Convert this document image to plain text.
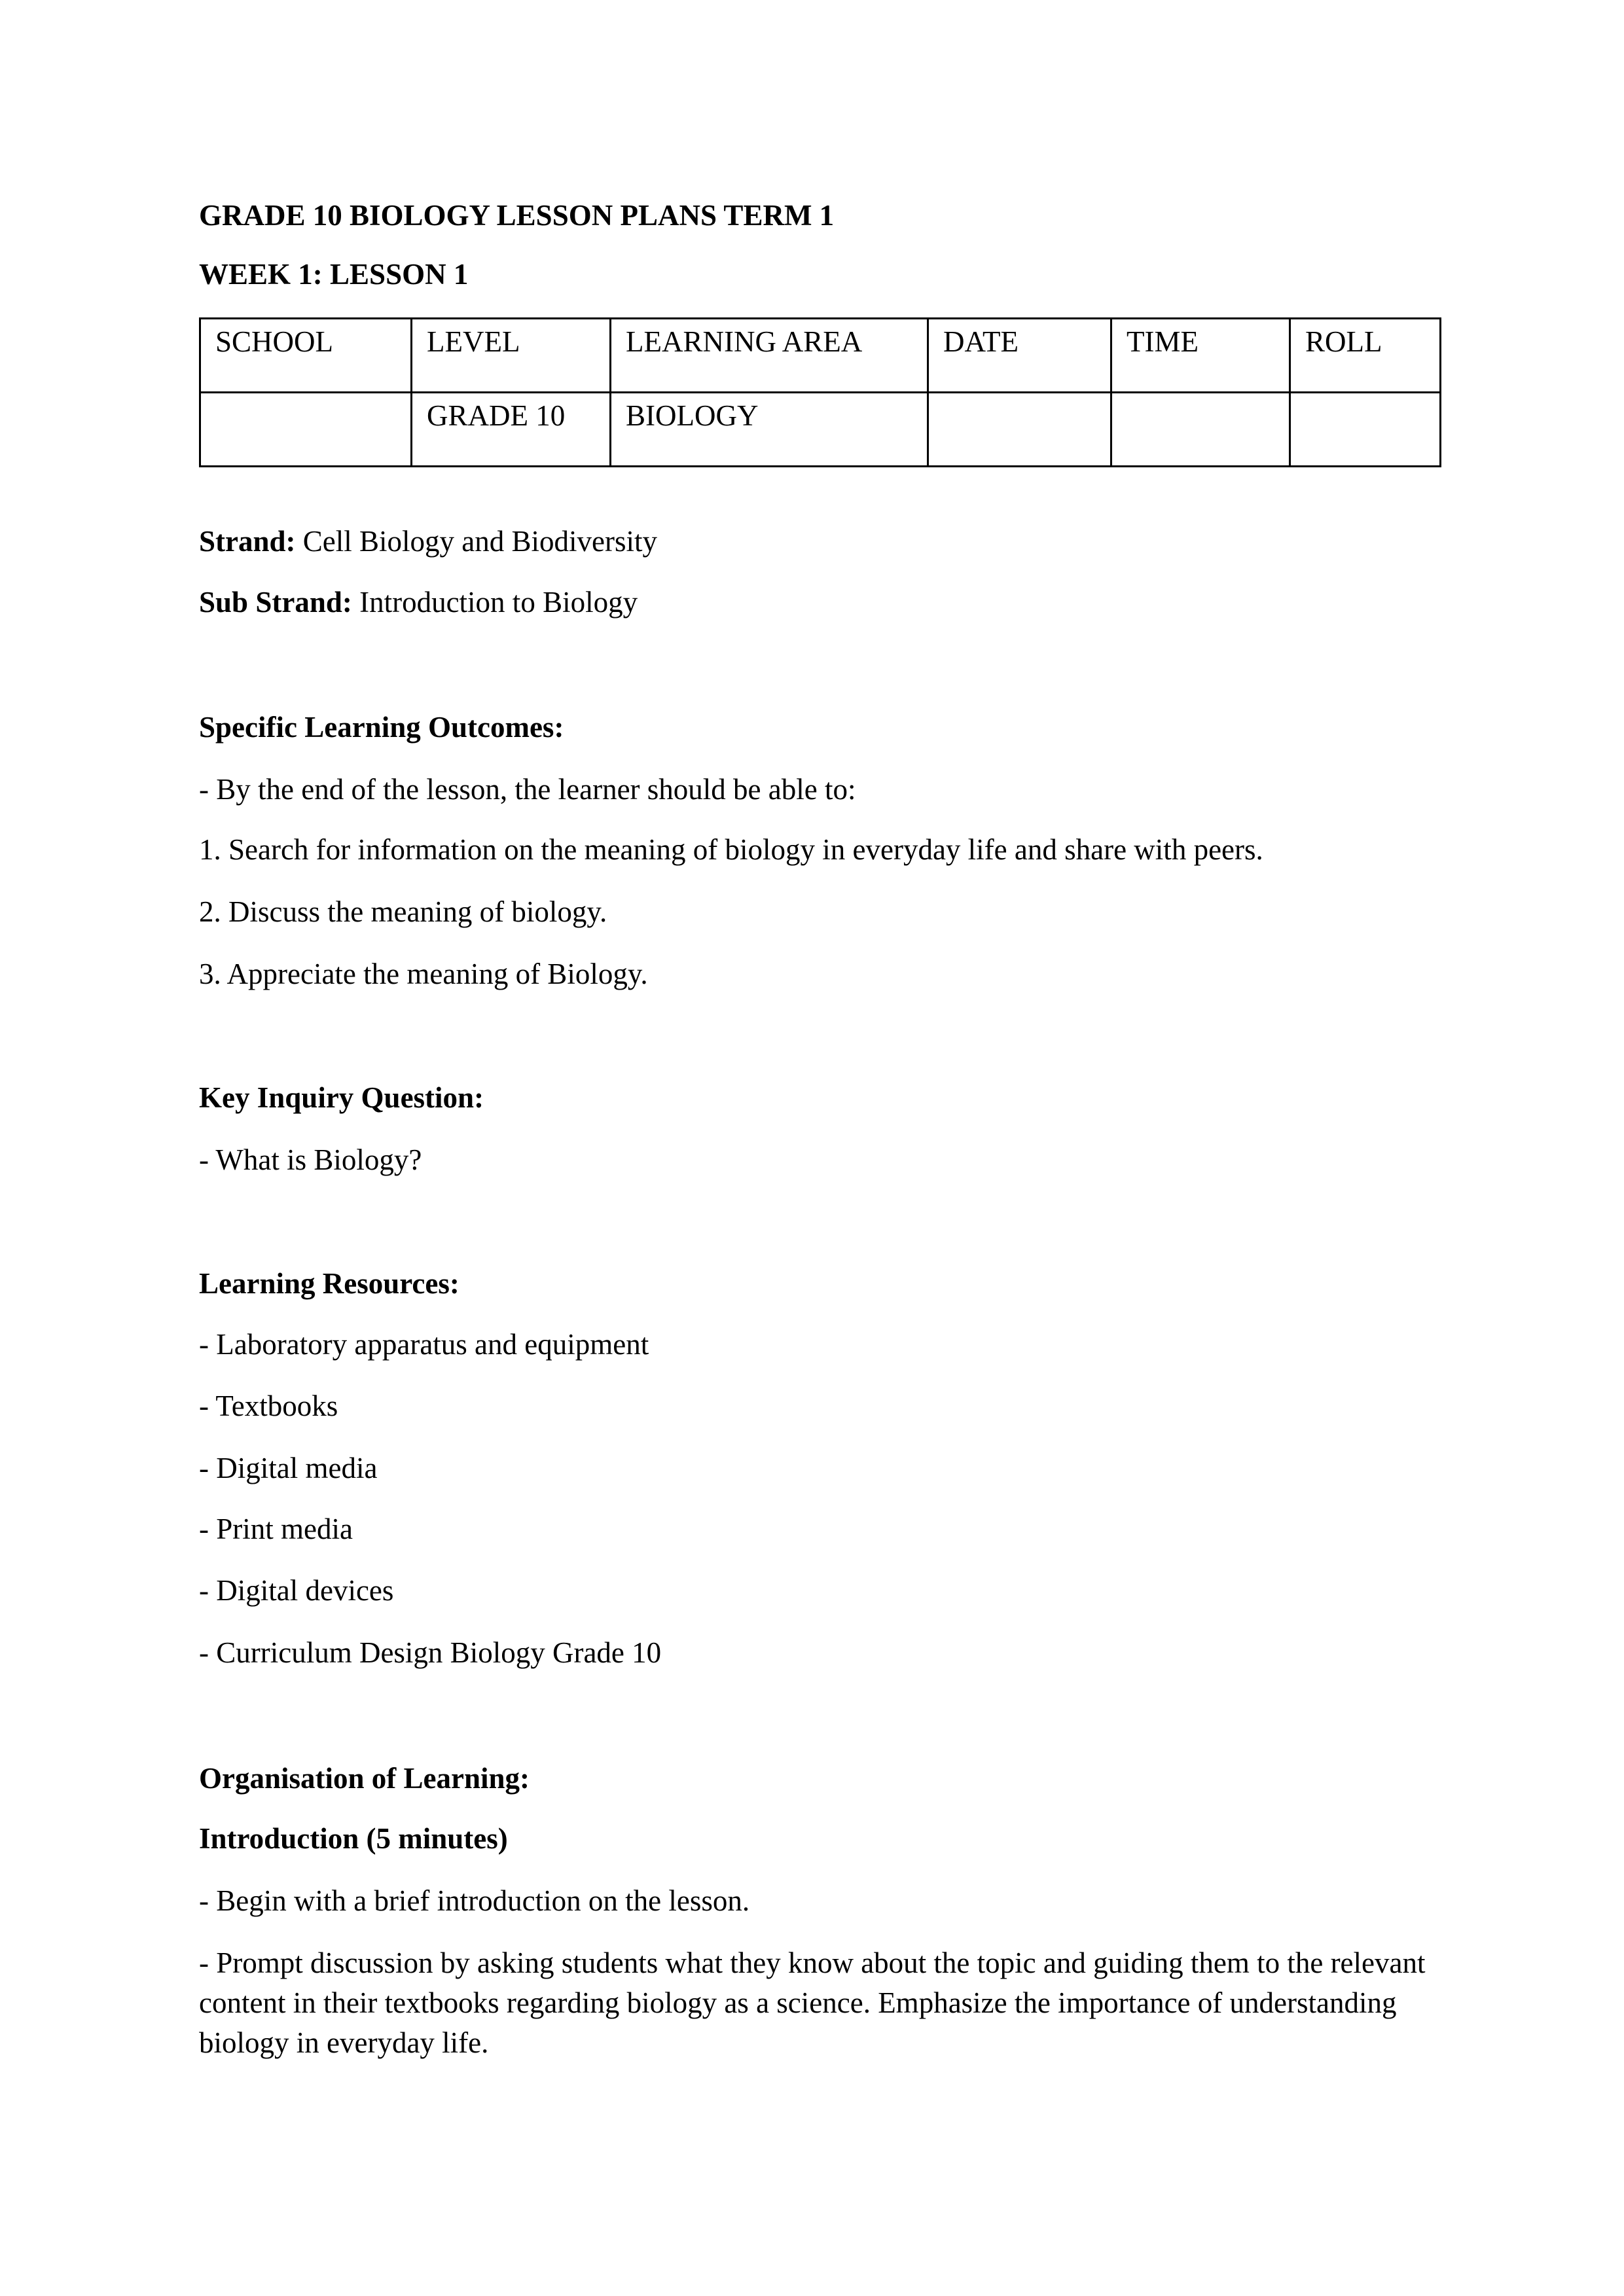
GRADE 10 BIOLOGY LESSON PLANS TERM 1
WEEK 1: LESSON 1
SCHOOL	LEVEL	LEARNING AREA	DATE	TIME	ROLL
	GRADE 10	BIOLOGY			
Strand: Cell Biology and Biodiversity
Sub Strand: Introduction to Biology
Specific Learning Outcomes:
- By the end of the lesson, the learner should be able to:
1. Search for information on the meaning of biology in everyday life and share with peers.
2. Discuss the meaning of biology.
3. Appreciate the meaning of Biology.
Key Inquiry Question:
- What is Biology?
Learning Resources:
- Laboratory apparatus and equipment
- Textbooks
- Digital media
- Print media
- Digital devices
- Curriculum Design Biology Grade 10
Organisation of Learning:
Introduction (5 minutes)
- Begin with a brief introduction on the lesson.
- Prompt discussion by asking students what they know about the topic and guiding them to the relevant content in their textbooks regarding biology as a science. Emphasize the importance of understanding biology in everyday life.
